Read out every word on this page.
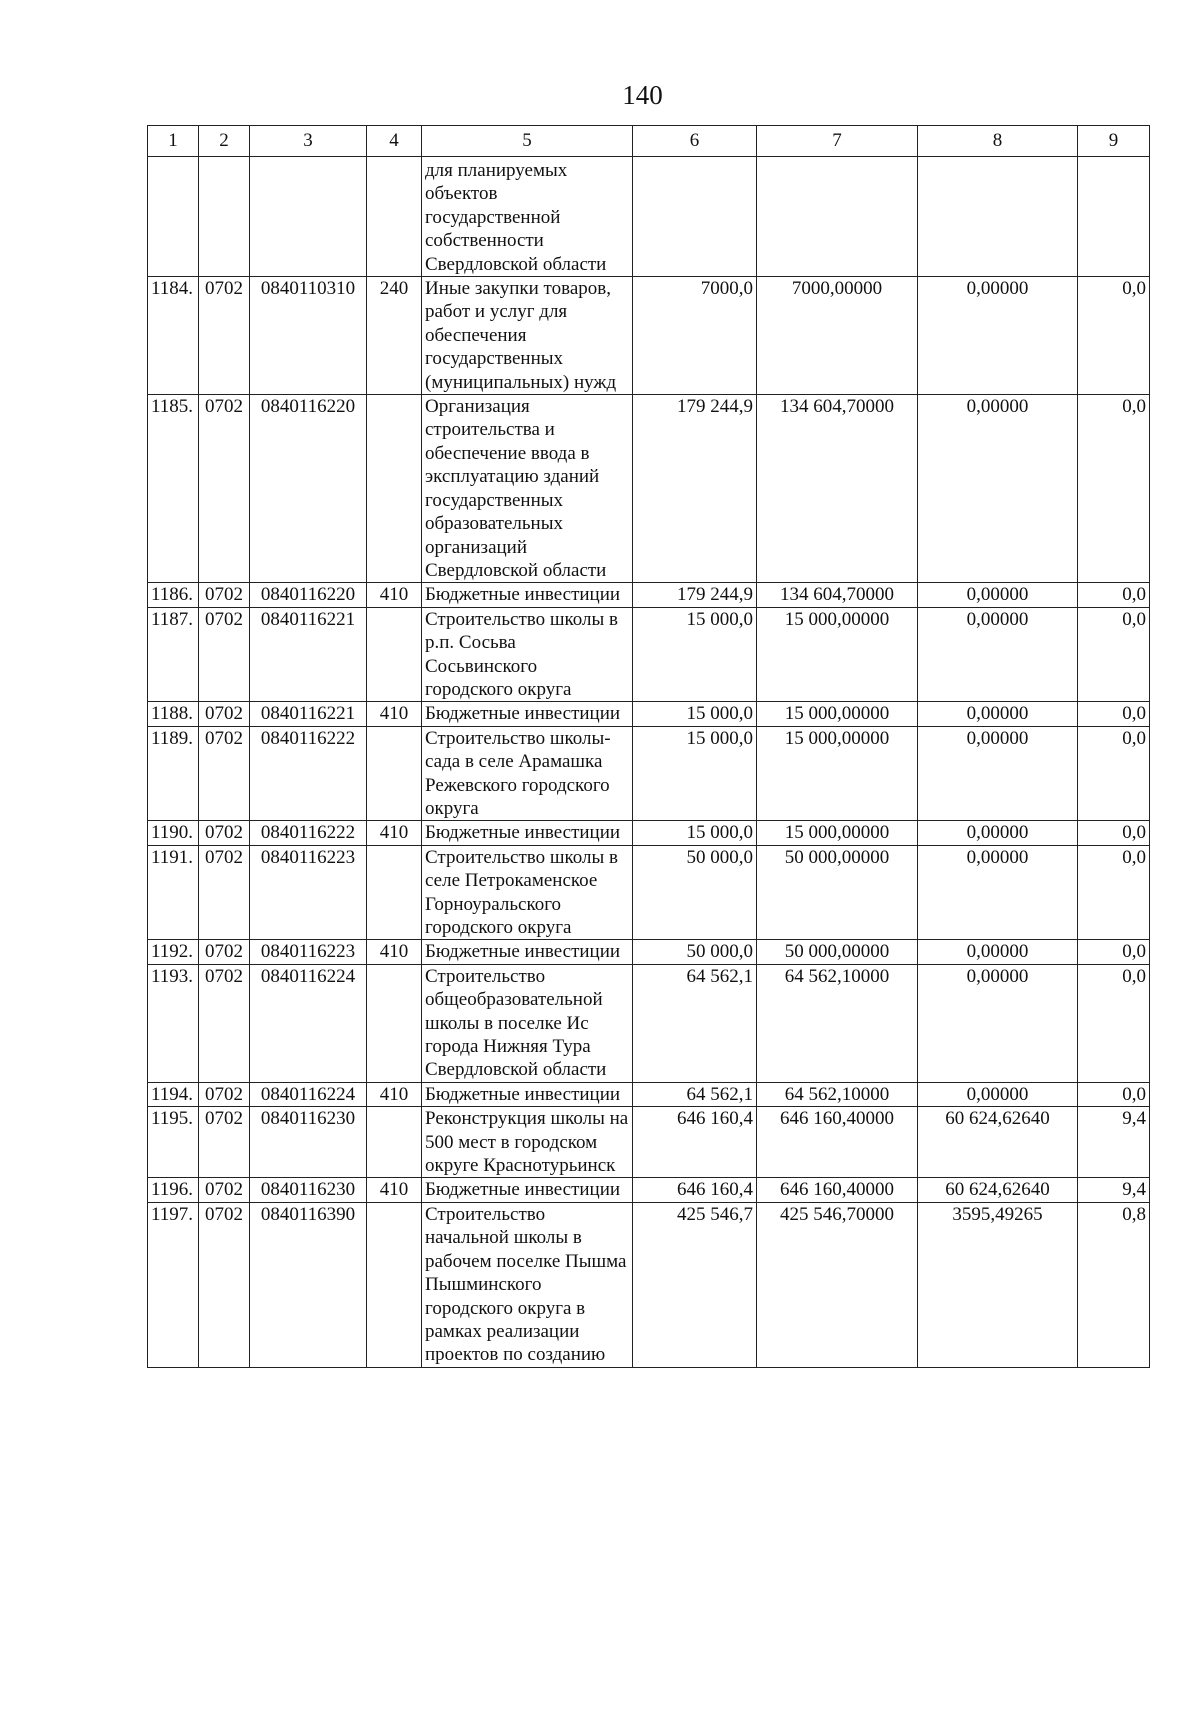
140
1	2	3	4	5	6	7	8	9
				для планируемых объектов государственной собственности Свердловской области				
1184.	0702	0840110310	240	Иные закупки товаров, работ и услуг для обеспечения государственных (муниципальных) нужд	7000,0	7000,00000	0,00000	0,0
1185.	0702	0840116220		Организация строительства и обеспечение ввода в эксплуатацию зданий государственных образовательных организаций Свердловской области	179 244,9	134 604,70000	0,00000	0,0
1186.	0702	0840116220	410	Бюджетные инвестиции	179 244,9	134 604,70000	0,00000	0,0
1187.	0702	0840116221		Строительство школы в р.п. Сосьва Сосьвинского городского округа	15 000,0	15 000,00000	0,00000	0,0
1188.	0702	0840116221	410	Бюджетные инвестиции	15 000,0	15 000,00000	0,00000	0,0
1189.	0702	0840116222		Строительство школы-сада в селе Арамашка Режевского городского округа	15 000,0	15 000,00000	0,00000	0,0
1190.	0702	0840116222	410	Бюджетные инвестиции	15 000,0	15 000,00000	0,00000	0,0
1191.	0702	0840116223		Строительство школы в селе Петрокаменское Горноуральского городского округа	50 000,0	50 000,00000	0,00000	0,0
1192.	0702	0840116223	410	Бюджетные инвестиции	50 000,0	50 000,00000	0,00000	0,0
1193.	0702	0840116224		Строительство общеобразовательной школы в поселке Ис города Нижняя Тура Свердловской области	64 562,1	64 562,10000	0,00000	0,0
1194.	0702	0840116224	410	Бюджетные инвестиции	64 562,1	64 562,10000	0,00000	0,0
1195.	0702	0840116230		Реконструкция школы на 500 мест в городском округе Краснотурьинск	646 160,4	646 160,40000	60 624,62640	9,4
1196.	0702	0840116230	410	Бюджетные инвестиции	646 160,4	646 160,40000	60 624,62640	9,4
1197.	0702	0840116390		Строительство начальной школы в рабочем поселке Пышма Пышминского городского округа в рамках реализации проектов по созданию	425 546,7	425 546,70000	3595,49265	0,8
